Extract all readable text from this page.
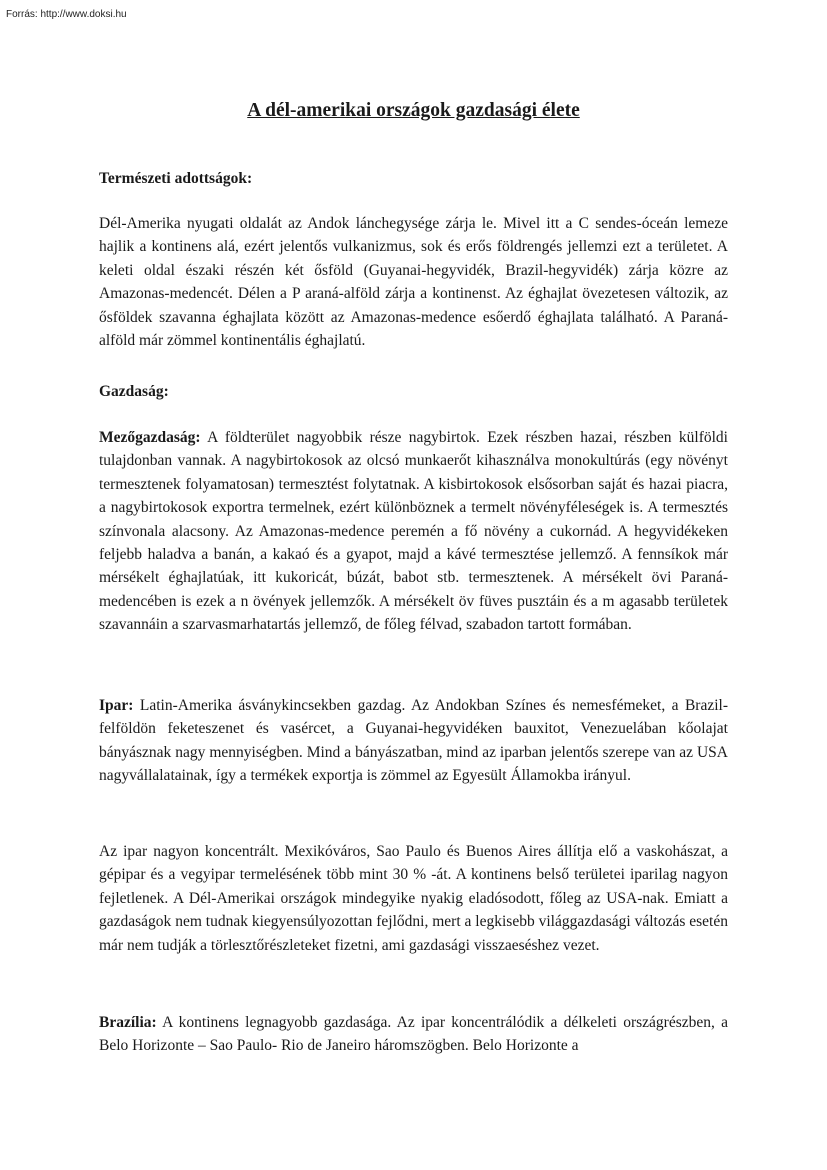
Forrás: http://www.doksi.hu
A dél-amerikai országok gazdasági élete
Természeti adottságok:

Dél-Amerika nyugati oldalát az Andok lánchegysége zárja le. Mivel itt a C sendes-óceán lemeze hajlik a kontinens alá, ezért jelentős vulkanizmus, sok és erős földrengés jellemzi ezt a területet. A keleti oldal északi részén két ősföld (Guyanai-hegyvidék, Brazil-hegyvidék) zárja közre az Amazonas-medencét. Délen a P araná-alföld zárja a kontinenst. Az éghajlat övezetesen változik, az ősföldek szavanna éghajlata között az Amazonas-medence esőerdő éghajlata található. A Paraná-alföld már zömmel kontinentális éghajlatú.

Gazdaság:

Mezőgazdaság: A földterület nagyobbik része nagybirtok. Ezek részben hazai, részben külföldi tulajdonban vannak. A nagybirtokosok az olcsó munkaerőt kihasználva monokultúrás (egy növényt termesztenek folyamatosan) termesztést folytatnak. A kisbirtokosok elsősorban saját és hazai piacra, a nagybirtokosok exportra termelnek, ezért különböznek a termelt növényféleségek is. A termesztés színvonala alacsony. Az Amazonas-medence peremén a fő növény a cukornád. A hegyvidékeken feljebb haladva a banán, a kakaó és a gyapot, majd a kávé termesztése jellemző. A fennsíkok már mérsékelt éghajlatúak, itt kukoricát, búzát, babot stb. termesztenek. A mérsékelt övi Paraná-medencében is ezek a n övények jellemzők. A mérsékelt öv füves pusztáin és a m agasabb területek szavannáin a szarvasmarhatartás jellemző, de főleg félvad, szabadon tartott formában.

Ipar: Latin-Amerika ásványkincsekben gazdag. Az Andokban Színes és nemesfémeket, a Brazil-felföldön feketeszenet és vasércet, a Guyanai-hegyvidéken bauxitot, Venezuelában kőolajat bányásznak nagy mennyiségben. Mind a bányászatban, mind az iparban jelentős szerepe van az USA nagyvállalatainak, így a termékek exportja is zömmel az Egyesült Államokba irányul.

Az ipar nagyon koncentrált. Mexikóváros, Sao Paulo és Buenos Aires állítja elő a vaskohászat, a gépipar és a vegyipar termelésének több mint 30 % -át. A kontinens belső területei iparilag nagyon fejletlenek. A Dél-Amerikai országok mindegyike nyakig eladósodott, főleg az USA-nak. Emiatt a gazdaságok nem tudnak kiegyensúlyozottan fejlődni, mert a legkisebb világgazdasági változás esetén már nem tudják a törlesztőrészleteket fizetni, ami gazdasági visszaeséshez vezet.

Brazília: A kontinens legnagyobb gazdasága. Az ipar koncentrálódik a délkeleti országrészben, a Belo Horizonte – Sao Paulo- Rio de Janeiro háromszögben. Belo Horizonte a
